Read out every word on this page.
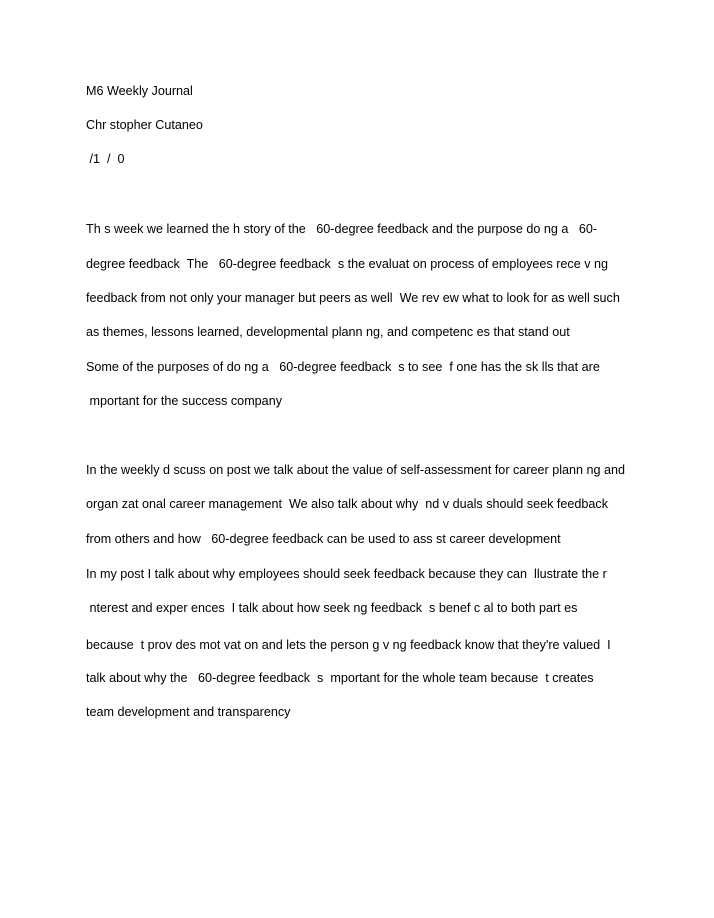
M6 Weekly Journal
Chr stopher Cutaneo
/1  /  0
Th s week we learned the h story of the   60-degree feedback and the purpose do ng a   60-
degree feedback  The   60-degree feedback  s the evaluat on process of employees rece v ng
feedback from not only your manager but peers as well  We rev ew what to look for as well such
as themes, lessons learned, developmental plann ng, and competenc es that stand out
Some of the purposes of do ng a   60-degree feedback  s to see  f one has the sk lls that are
mportant for the success company
In the weekly d scuss on post we talk about the value of self-assessment for career plann ng and
organ zat onal career management  We also talk about why  nd v duals should seek feedback
from others and how   60-degree feedback can be used to ass st career development
In my post I talk about why employees should seek feedback because they can  llustrate the r
nterest and exper ences  I talk about how seek ng feedback  s benef c al to both part es
because  t prov des mot vat on and lets the person g v ng feedback know that they're valued  I
talk about why the   60-degree feedback  s  mportant for the whole team because  t creates
team development and transparency
